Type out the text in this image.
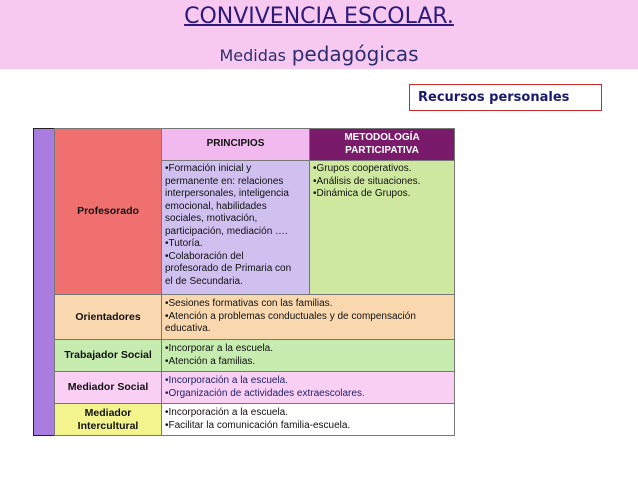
CONVIVENCIA ESCOLAR.
Medidas pedagógicas
Recursos personales
PRINCIPIOS
METODOLOGÍA
PARTICIPATIVA
Profesorado
•Formación inicial y
permanente en: relaciones
interpersonales, inteligencia
emocional, habilidades
sociales, motivación,
participación, mediación ….
•Tutoría.
•Colaboración del
profesorado de Primaria con
el de Secundaria.
•Grupos cooperativos.
•Análisis de situaciones.
•Dinámica de Grupos.
Orientadores
•Sesiones formativas con las familias.
•Atención a problemas conductuales y de compensación
educativa.
Trabajador Social
•Incorporar a la escuela.
•Atención a familias.
Mediador Social
•Incorporación a la escuela.
•Organización de actividades extraescolares.
Mediador
Intercultural
•Incorporación a la escuela.
•Facilitar la comunicación familia-escuela.
